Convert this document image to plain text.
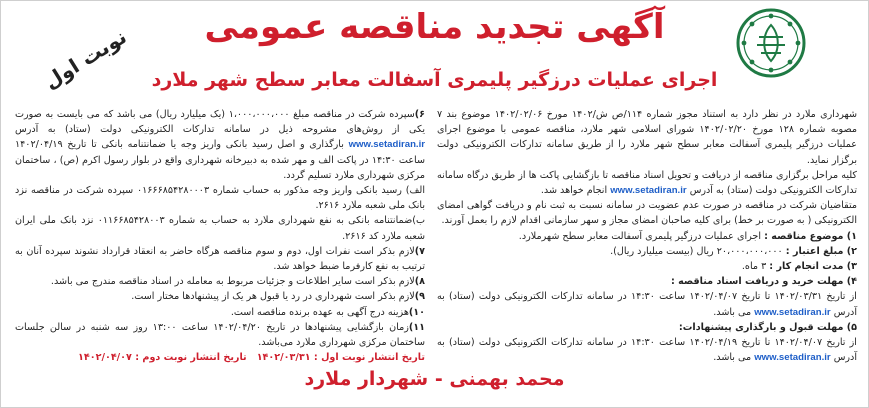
نوبت اول	آگهی تجدید مناقصه عمومی
اجرای عملیات درزگیر پلیمری آسفالت معابر سطح شهر ملارد

شهرداری ملارد در نظر دارد به استناد مجوز شماره ۱۱۴/ص ش/۱۴۰۲ مورخ ۱۴۰۲/۰۲/۰۶ موضوع بند ۷ مصوبه شماره ۱۲۸ مورخ ۱۴۰۲/۰۲/۲۰ شورای اسلامی شهر ملارد، مناقصه عمومی با موضوع اجرای عملیات درزگیر پلیمری آسفالت معابر سطح شهر ملارد را از طریق سامانه تدارکات الکترونیکی دولت برگزار نماید.

کلیه مراحل برگزاری مناقصه از دریافت و تحویل اسناد مناقصه تا بازگشایی پاکت ها از طریق درگاه سامانه تدارکات الکترونیکی دولت (ستاد) به آدرس www.setadiran.ir انجام خواهد شد.

متقاضیان شرکت در مناقصه در صورت عدم عضویت در سامانه نسبت به ثبت نام و دریافت گواهی امضای الکترونیکی ( به صورت بر خط) برای کلیه صاحبان امضای مجاز و سهر سازمانی اقدام لازم را بعمل آورند.

۱) موضوع مناقصه : اجرای عملیات درزگیر پلیمری آسفالت معابر سطح شهرملارد.

۲) مبلغ اعتبار : ۲۰،۰۰۰،۰۰۰،۰۰۰ ریال (بیست میلیارد ریال).

۳) مدت انجام کار : ۳ ماه.

۴) مهلت خرید و دریافت اسناد مناقصه :

از تاریخ ۱۴۰۲/۰۳/۳۱ تا تاریخ ۱۴۰۲/۰۴/۰۷ ساعت ۱۴:۳۰ در سامانه تدارکات الکترونیکی دولت (ستاد) به آدرس www.setadiran.ir می باشد.

۵) مهلت قبول و بارگذاری پیشنهادات:

از تاریخ ۱۴۰۲/۰۴/۰۷ تا تاریخ ۱۴۰۲/۰۴/۱۹ ساعت ۱۴:۳۰ در سامانه تدارکات الکترونیکی دولت (ستاد) به آدرس www.setadiran.ir می باشد.

۶)سپرده شرکت در مناقصه مبلغ ۱،۰۰۰،۰۰۰،۰۰۰ (یک میلیارد ریال) می باشد که می بایست به صورت یکی از روش‌های مشروحه ذیل در سامانه تدارکات الکترونیکی دولت (ستاد) به آدرس www.setadiran.ir بارگذاری و اصل رسید بانکی واریز وجه یا ضمانتنامه بانکی تا تاریخ ۱۴۰۲/۰۴/۱۹ ساعت ۱۴:۳۰ در پاکت الف و مهر شده به دبیرخانه شهرداری واقع در بلوار رسول اکرم (ص) ، ساختمان مرکزی شهرداری ملارد تسلیم گردد.

الف) رسید بانکی واریز وجه مذکور به حساب شماره ۰۱۶۶۶۸۵۴۲۸۰۰۰۳ سپرده شرکت در مناقصه نزد بانک ملی شعبه ملارد ۲۶۱۶.

ب)ضمانتنامه بانکی به نفع شهرداری ملارد به حساب به شماره ۰۱۱۶۶۸۵۴۲۸۰۰۳ نزد بانک ملی ایران شعبه ملارد کد ۲۶۱۶.

۷)لازم بذکر است نفرات اول، دوم و سوم مناقصه هرگاه حاضر به انعقاد قرارداد نشوند سپرده آنان به ترتیب به نفع کارفرما ضبط خواهد شد.

۸)لازم بذکر است سایر اطلاعات و جزئیات مربوط به معامله در اسناد مناقصه مندرج می باشد.

۹)لازم بذکر است شهرداری در رد یا قبول هر یک از پیشنهادها مختار است.

۱۰)هزینه درج آگهی به عهده برنده مناقصه است.

۱۱)زمان بازگشایی پیشنهادها در تاریخ ۱۴۰۲/۰۴/۲۰ ساعت ۱۳:۰۰ روز سه شنبه در سالن جلسات ساختمان مرکزی شهرداری ملارد می‌باشد.

تاریخ انتشار نوبت اول : ۱۴۰۲/۰۳/۳۱   تاریخ انتشار نوبت دوم : ۱۴۰۲/۰۴/۰۷

محمد بهمنی - شهردار ملارد
